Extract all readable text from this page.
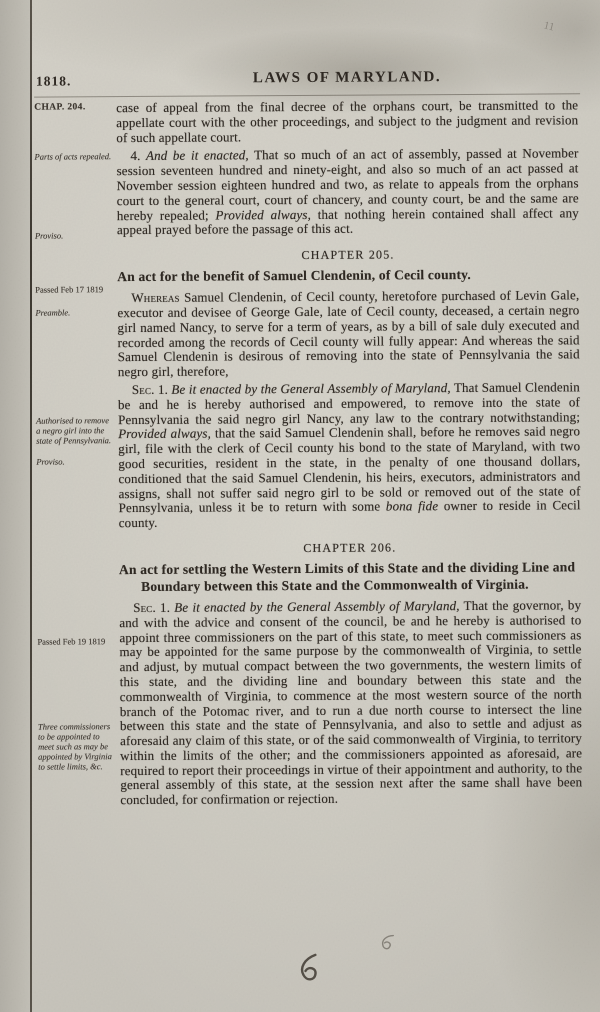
1818.	LAWS OF MARYLAND.
CHAP. 204.
Parts of acts repealed.
Proviso.
Passed Feb 17 1819
Preamble.
Authorised to remove a negro girl into the state of Pennsylvania.
Proviso.
Passed Feb 19 1819
Three commissioners to be appointed to meet such as may be appointed by Virginia to settle limits, &c.

case of appeal from the final decree of the orphans court, be transmitted to the appellate court with the other proceedings, and subject to the judgment and revision of such appellate court.

4. And be it enacted, That so much of an act of assembly, passed at November session seventeen hundred and ninety-eight, and also so much of an act passed at November session eighteen hundred and two, as relate to appeals from the orphans court to the general court, court of chancery, and county court, be and the same are hereby repealed; Provided always, that nothing herein contained shall affect any appeal prayed before the passage of this act.

CHAPTER 205.
An act for the benefit of Samuel Clendenin, of Cecil county.

Whereas Samuel Clendenin, of Cecil county, heretofore purchased of Levin Gale, executor and devisee of George Gale, late of Cecil county, deceased, a certain negro girl named Nancy, to serve for a term of years, as by a bill of sale duly executed and recorded among the records of Cecil county will fully appear: And whereas the said Samuel Clendenin is desirous of removing into the state of Pennsylvania the said negro girl, therefore,

Sec. 1. Be it enacted by the General Assembly of Maryland, That Samuel Clendenin be and he is hereby authorised and empowered, to remove into the state of Pennsylvania the said negro girl Nancy, any law to the contrary notwithstanding; Provided always, that the said Samuel Clendenin shall, before he removes said negro girl, file with the clerk of Cecil county his bond to the state of Maryland, with two good securities, resident in the state, in the penalty of one thousand dollars, conditioned that the said Samuel Clendenin, his heirs, executors, administrators and assigns, shall not suffer said negro girl to be sold or removed out of the state of Pennsylvania, unless it be to return with some bona fide owner to reside in Cecil county.

CHAPTER 206.
An act for settling the Western Limits of this State and the dividing Line and Boundary between this State and the Commonwealth of Virginia.

Sec. 1. Be it enacted by the General Assembly of Maryland, That the governor, by and with the advice and consent of the council, be and he hereby is authorised to appoint three commissioners on the part of this state, to meet such commissioners as may be appointed for the same purpose by the commonwealth of Virginia, to settle and adjust, by mutual compact between the two governments, the western limits of this state, and the dividing line and boundary between this state and the commonwealth of Virginia, to commence at the most western source of the north branch of the Potomac river, and to run a due north course to intersect the line between this state and the state of Pennsylvania, and also to settle and adjust as aforesaid any claim of this state, or of the said commonwealth of Virginia, to territory within the limits of the other; and the commissioners appointed as aforesaid, are required to report their proceedings in virtue of their appointment and authority, to the general assembly of this state, at the session next after the same shall have been concluded, for confirmation or rejection.

11
